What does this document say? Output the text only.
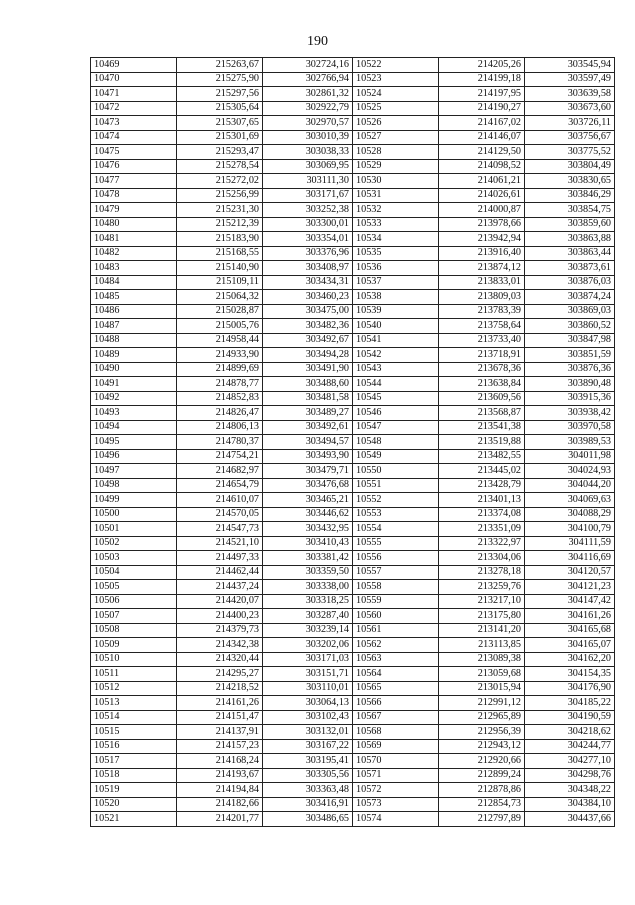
190
10469	215263,67	302724,16	10522	214205,26	303545,94
10470	215275,90	302766,94	10523	214199,18	303597,49
10471	215297,56	302861,32	10524	214197,95	303639,58
10472	215305,64	302922,79	10525	214190,27	303673,60
10473	215307,65	302970,57	10526	214167,02	303726,11
10474	215301,69	303010,39	10527	214146,07	303756,67
10475	215293,47	303038,33	10528	214129,50	303775,52
10476	215278,54	303069,95	10529	214098,52	303804,49
10477	215272,02	303111,30	10530	214061,21	303830,65
10478	215256,99	303171,67	10531	214026,61	303846,29
10479	215231,30	303252,38	10532	214000,87	303854,75
10480	215212,39	303300,01	10533	213978,66	303859,60
10481	215183,90	303354,01	10534	213942,94	303863,88
10482	215168,55	303376,96	10535	213916,40	303863,44
10483	215140,90	303408,97	10536	213874,12	303873,61
10484	215109,11	303434,31	10537	213833,01	303876,03
10485	215064,32	303460,23	10538	213809,03	303874,24
10486	215028,87	303475,00	10539	213783,39	303869,03
10487	215005,76	303482,36	10540	213758,64	303860,52
10488	214958,44	303492,67	10541	213733,40	303847,98
10489	214933,90	303494,28	10542	213718,91	303851,59
10490	214899,69	303491,90	10543	213678,36	303876,36
10491	214878,77	303488,60	10544	213638,84	303890,48
10492	214852,83	303481,58	10545	213609,56	303915,36
10493	214826,47	303489,27	10546	213568,87	303938,42
10494	214806,13	303492,61	10547	213541,38	303970,58
10495	214780,37	303494,57	10548	213519,88	303989,53
10496	214754,21	303493,90	10549	213482,55	304011,98
10497	214682,97	303479,71	10550	213445,02	304024,93
10498	214654,79	303476,68	10551	213428,79	304044,20
10499	214610,07	303465,21	10552	213401,13	304069,63
10500	214570,05	303446,62	10553	213374,08	304088,29
10501	214547,73	303432,95	10554	213351,09	304100,79
10502	214521,10	303410,43	10555	213322,97	304111,59
10503	214497,33	303381,42	10556	213304,06	304116,69
10504	214462,44	303359,50	10557	213278,18	304120,57
10505	214437,24	303338,00	10558	213259,76	304121,23
10506	214420,07	303318,25	10559	213217,10	304147,42
10507	214400,23	303287,40	10560	213175,80	304161,26
10508	214379,73	303239,14	10561	213141,20	304165,68
10509	214342,38	303202,06	10562	213113,85	304165,07
10510	214320,44	303171,03	10563	213089,38	304162,20
10511	214295,27	303151,71	10564	213059,68	304154,35
10512	214218,52	303110,01	10565	213015,94	304176,90
10513	214161,26	303064,13	10566	212991,12	304185,22
10514	214151,47	303102,43	10567	212965,89	304190,59
10515	214137,91	303132,01	10568	212956,39	304218,62
10516	214157,23	303167,22	10569	212943,12	304244,77
10517	214168,24	303195,41	10570	212920,66	304277,10
10518	214193,67	303305,56	10571	212899,24	304298,76
10519	214194,84	303363,48	10572	212878,86	304348,22
10520	214182,66	303416,91	10573	212854,73	304384,10
10521	214201,77	303486,65	10574	212797,89	304437,66
